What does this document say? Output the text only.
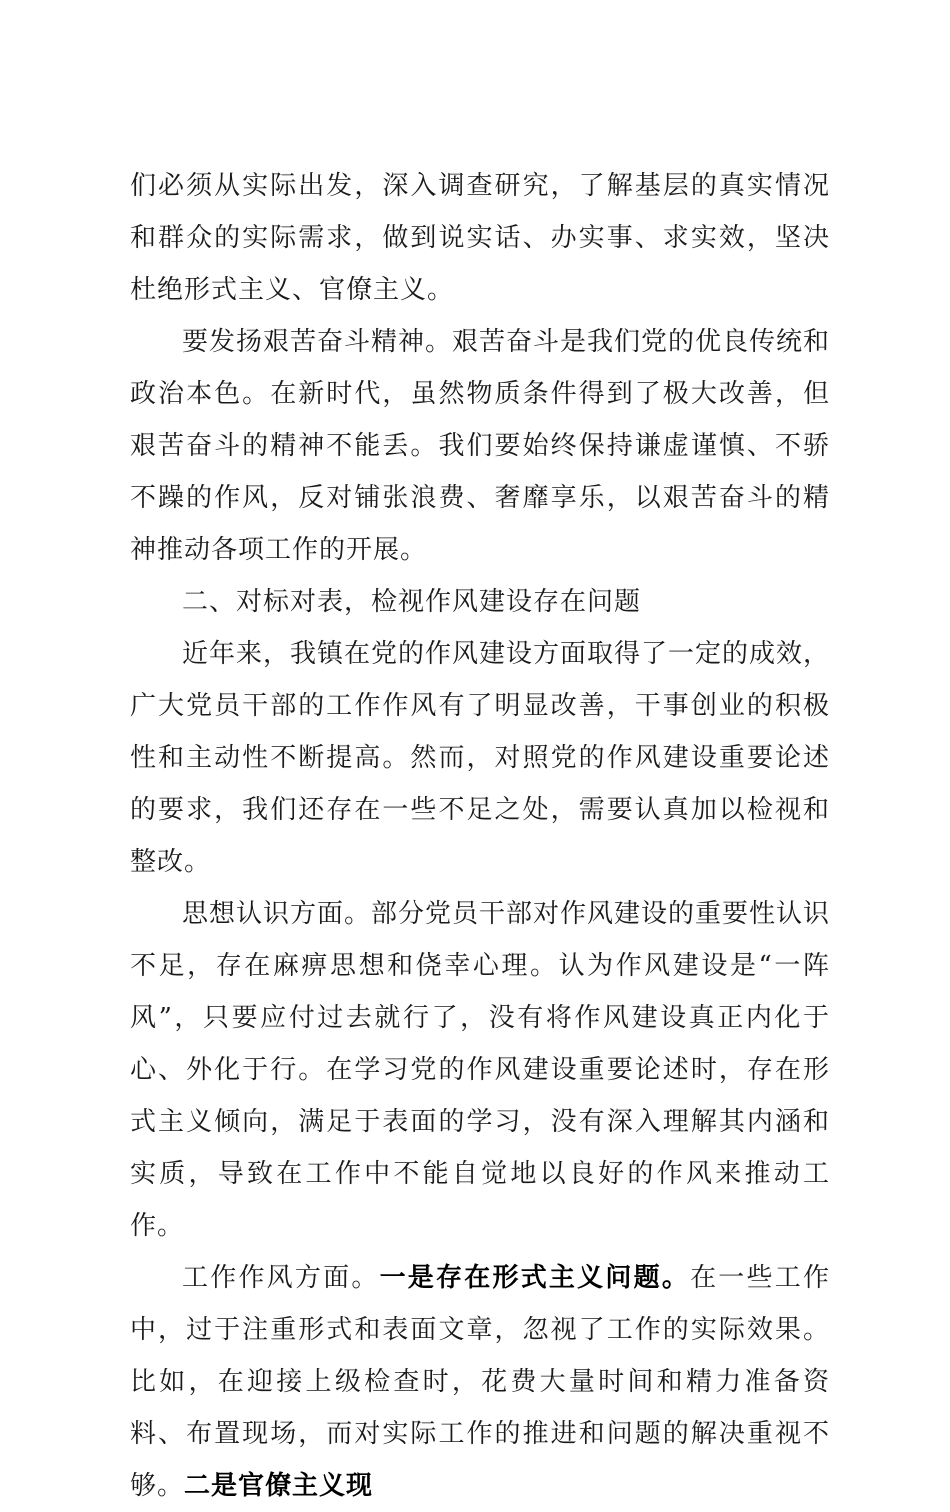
们必须从实际出发，深入调查研究，了解基层的真实情况和群众的实际需求，做到说实话、办实事、求实效，坚决杜绝形式主义、官僚主义。

要发扬艰苦奋斗精神。艰苦奋斗是我们党的优良传统和政治本色。在新时代，虽然物质条件得到了极大改善，但艰苦奋斗的精神不能丢。我们要始终保持谦虚谨慎、不骄不躁的作风，反对铺张浪费、奢靡享乐，以艰苦奋斗的精神推动各项工作的开展。

二、对标对表，检视作风建设存在问题

近年来，我镇在党的作风建设方面取得了一定的成效，广大党员干部的工作作风有了明显改善，干事创业的积极性和主动性不断提高。然而，对照党的作风建设重要论述的要求，我们还存在一些不足之处，需要认真加以检视和整改。

思想认识方面。部分党员干部对作风建设的重要性认识不足，存在麻痹思想和侥幸心理。认为作风建设是“一阵风”，只要应付过去就行了，没有将作风建设真正内化于心、外化于行。在学习党的作风建设重要论述时，存在形式主义倾向，满足于表面的学习，没有深入理解其内涵和实质，导致在工作中不能自觉地以良好的作风来推动工作。

工作作风方面。一是存在形式主义问题。在一些工作中，过于注重形式和表面文章，忽视了工作的实际效果。比如，在迎接上级检查时，花费大量时间和精力准备资料、布置现场，而对实际工作的推进和问题的解决重视不够。二是官僚主义现
